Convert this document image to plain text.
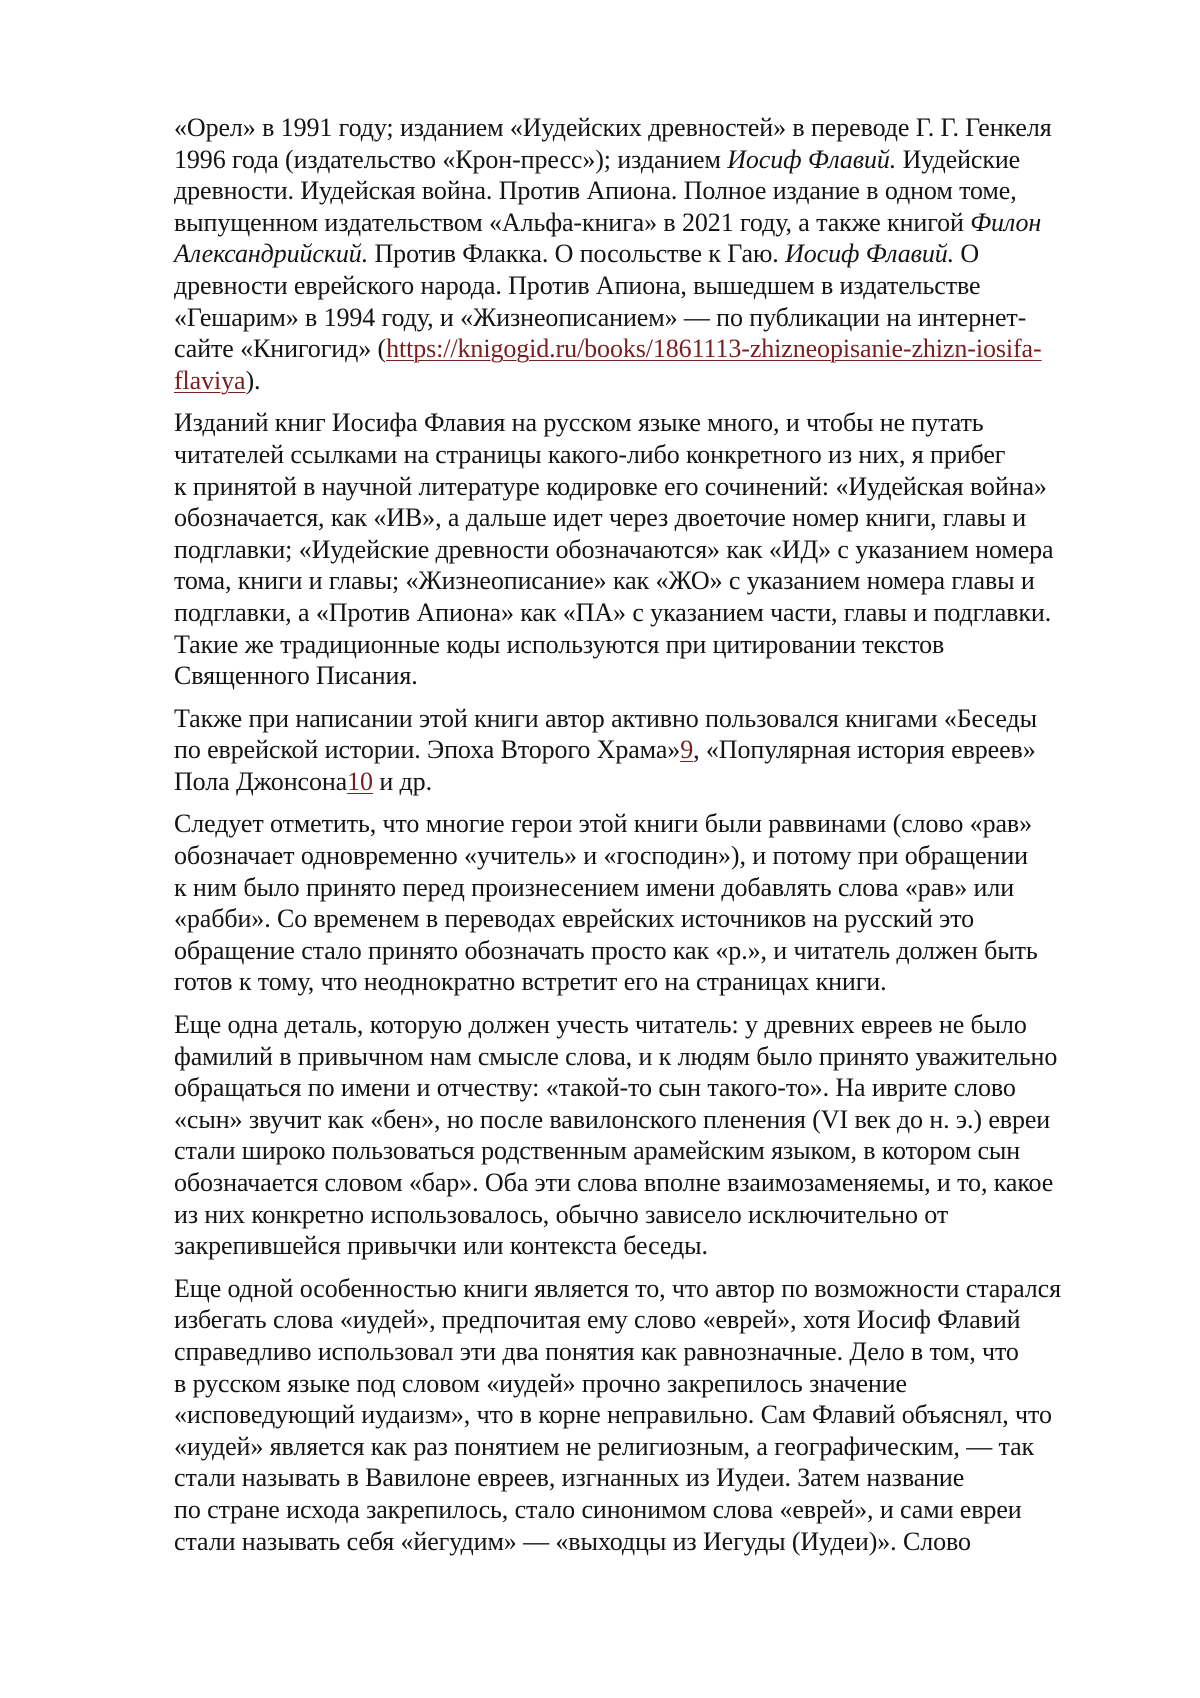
«Орел» в 1991 году; изданием «Иудейских древностей» в переводе Г. Г. Генкеля
1996 года (издательство «Крон-пресс»); изданием Иосиф Флавий. Иудейские
древности. Иудейская война. Против Апиона. Полное издание в одном томе,
выпущенном издательством «Альфа-книга» в 2021 году, а также книгой Филон
Александрийский. Против Флакка. О посольстве к Гаю. Иосиф Флавий. О
древности еврейского народа. Против Апиона, вышедшем в издательстве
«Гешарим» в 1994 году, и «Жизнеописанием» — по публикации на интернет-
сайте «Книгогид» (https://knigogid.ru/books/1861113-zhizneopisanie-zhizn-iosifa-
flaviya).

Изданий книг Иосифа Флавия на русском языке много, и чтобы не путать
читателей ссылками на страницы какого-либо конкретного из них, я прибег
к принятой в научной литературе кодировке его сочинений: «Иудейская война»
обозначается, как «ИВ», а дальше идет через двоеточие номер книги, главы и
подглавки; «Иудейские древности обозначаются» как «ИД» с указанием номера
тома, книги и главы; «Жизнеописание» как «ЖО» с указанием номера главы и
подглавки, а «Против Апиона» как «ПА» с указанием части, главы и подглавки.
Такие же традиционные коды используются при цитировании текстов
Священного Писания.

Также при написании этой книги автор активно пользовался книгами «Беседы
по еврейской истории. Эпоха Второго Храма»9, «Популярная история евреев»
Пола Джонсона10 и др.

Следует отметить, что многие герои этой книги были раввинами (слово «рав»
обозначает одновременно «учитель» и «господин»), и потому при обращении
к ним было принято перед произнесением имени добавлять слова «рав» или
«рабби». Со временем в переводах еврейских источников на русский это
обращение стало принято обозначать просто как «р.», и читатель должен быть
готов к тому, что неоднократно встретит его на страницах книги.

Еще одна деталь, которую должен учесть читатель: у древних евреев не было
фамилий в привычном нам смысле слова, и к людям было принято уважительно
обращаться по имени и отчеству: «такой-то сын такого-то». На иврите слово
«сын» звучит как «бен», но после вавилонского пленения (VI век до н. э.) евреи
стали широко пользоваться родственным арамейским языком, в котором сын
обозначается словом «бар». Оба эти слова вполне взаимозаменяемы, и то, какое
из них конкретно использовалось, обычно зависело исключительно от
закрепившейся привычки или контекста беседы.

Еще одной особенностью книги является то, что автор по возможности старался
избегать слова «иудей», предпочитая ему слово «еврей», хотя Иосиф Флавий
справедливо использовал эти два понятия как равнозначные. Дело в том, что
в русском языке под словом «иудей» прочно закрепилось значение
«исповедующий иудаизм», что в корне неправильно. Сам Флавий объяснял, что
«иудей» является как раз понятием не религиозным, а географическим, — так
стали называть в Вавилоне евреев, изгнанных из Иудеи. Затем название
по стране исхода закрепилось, стало синонимом слова «еврей», и сами евреи
стали называть себя «йегудим» — «выходцы из Иегуды (Иудеи)». Слово
